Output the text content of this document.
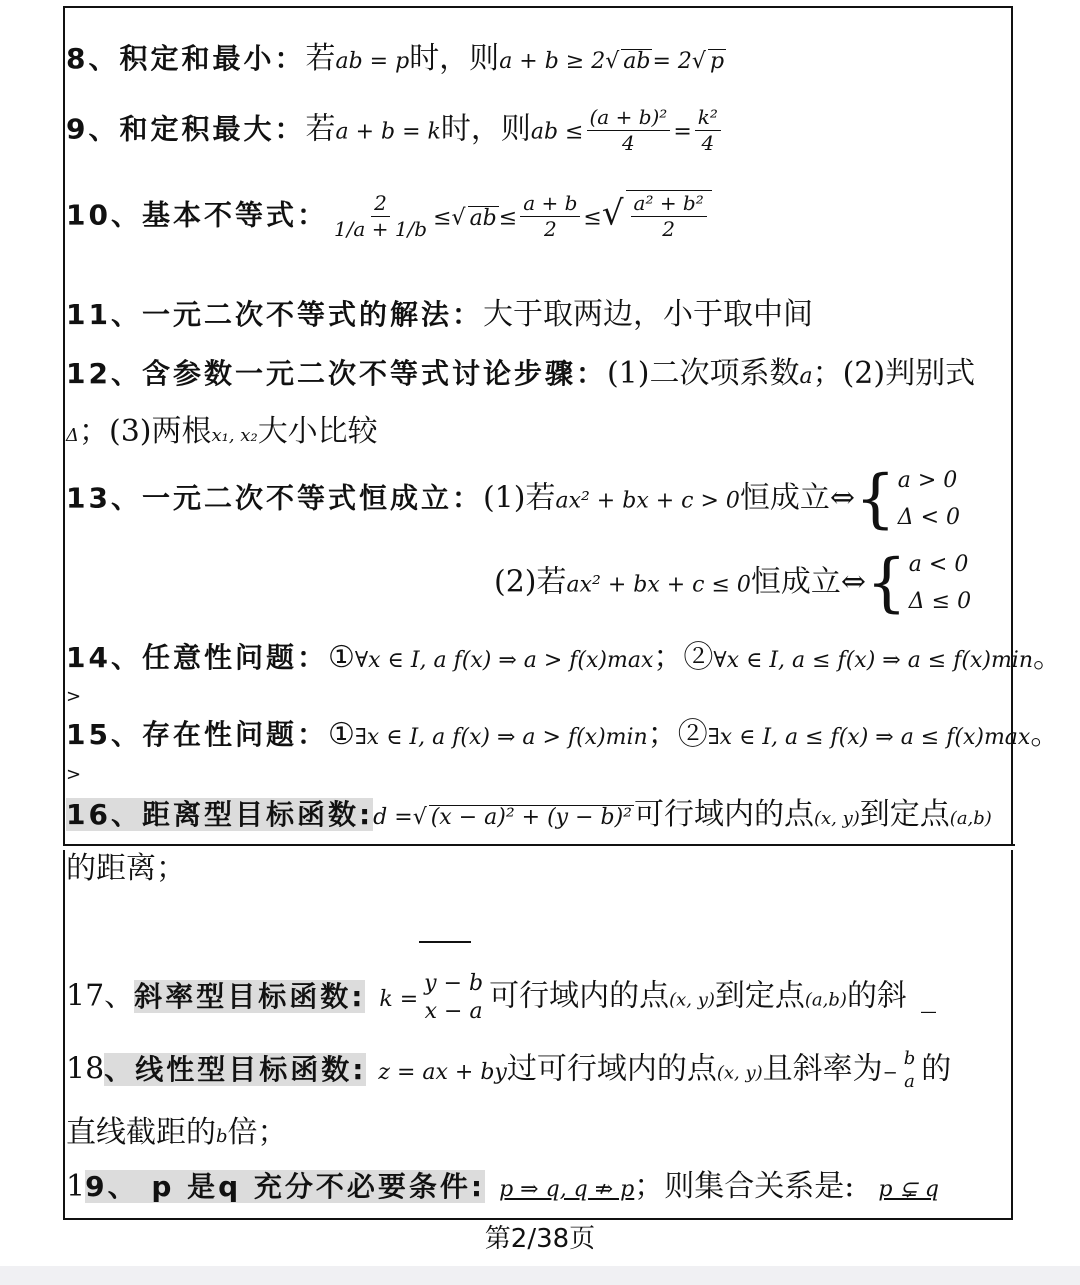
8、积定和最小：若ab = p时，则a + b ≥ 2√ ab= 2√ p
9、和定积最大：若a + b = k时，则ab ≤ $\frac{\text{(a + b)²}}{4} = \frac{\text{k²}}{4}$
10、基本不等式： $\frac{2}{1/a + 1/b}$ ≤√ $ab\le \frac{a + b}{2}$ ≤√ $\frac{\text{a² + b²}}{2}$
11、一元二次不等式的解法：大于取两边，小于取中间
12、含参数一元二次不等式讨论步骤：(1)二次项系数a；(2)判别式
Δ；(3)两根x₁, x₂大小比较
13、一元二次不等式恒成立：(1)若ax² + bx + c > 0恒成立⇔ { a > 0
Δ < 0
(2)若ax² + bx + c ≤ 0恒成立⇔ { a < 0
Δ ≤ 0
14、任意性问题：①∀x ∈ I, a f(x) ⇒ a > f(x)max；②∀x ∈ I, a ≤ f(x) ⇒ a ≤ f(x)min。
>
15、存在性问题：①∃x ∈ I, a f(x) ⇒ a > f(x)min；②∃x ∈ I, a ≤ f(x) ⇒ a ≤ f(x)max。
>
16、距离型目标函数:d =√ (x − a)² + (y − b)²可行域内的点(x, y)到定点(a,b)
的距离；
17、斜率型目标函数: k =
y − b
x − a 可行域内的点(x, y)到定点(a,b)的斜 _
18、线性型目标函数: z = ax + by过可行域内的点(x, y)且斜率为−
b
a 的
直线截距的b倍；
19、 p 是q 充分不必要条件: p ⇒ q, q ⇏ p；则集合关系是: p ⊊ q
第2/38页
